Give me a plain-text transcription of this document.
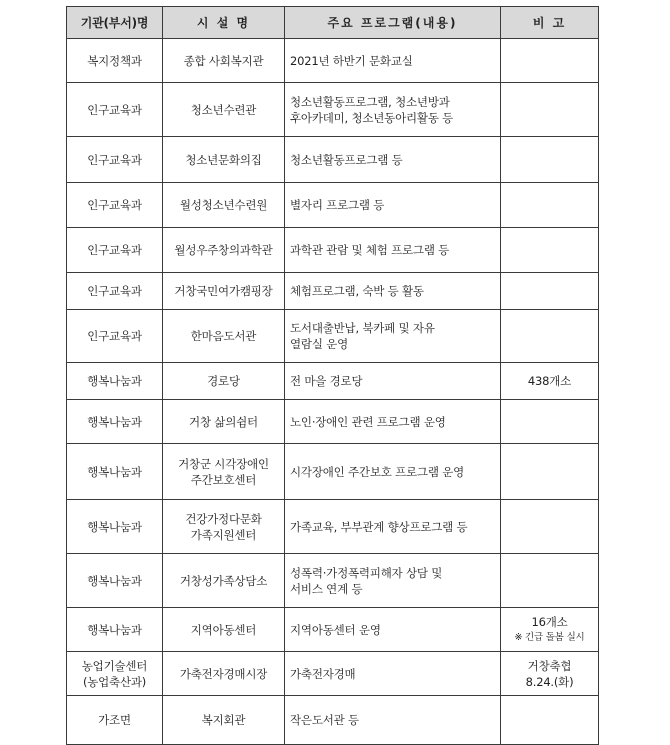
기관(부서)명	시 설 명	주요 프로그램(내용)	비 고

복지정책과	종합 사회복지관	2021년 하반기 문화교실	

인구교육과	청소년수련관	청소년활동프로그램, 청소년방과
후아카데미, 청소년동아리활동 등	

인구교육과	청소년문화의집	청소년활동프로그램 등	

인구교육과	월성청소년수련원	별자리 프로그램 등	

인구교육과	월성우주창의과학관	과학관 관람 및 체험 프로그램 등	

인구교육과	거창국민여가캠핑장	체험프로그램, 숙박 등 활동	

인구교육과	한마음도서관	도서대출반납, 북카페 및 자유
열람실 운영	

행복나눔과	경로당	전 마을 경로당	438개소

행복나눔과	거창 삶의쉼터	노인·장애인 관련 프로그램 운영	

행복나눔과	거창군 시각장애인
주간보호센터	시각장애인 주간보호 프로그램 운영	

행복나눔과	건강가정다문화
가족지원센터	가족교육, 부부관계 향상프로그램 등	

행복나눔과	거창성가족상담소	성폭력·가정폭력피해자 상담 및
서비스 연계 등	

행복나눔과	지역아동센터	지역아동센터 운영	16개소
※ 긴급 돌봄 실시

농업기술센터
(농업축산과)	가축전자경매시장	가축전자경매	거창축협
8.24.(화)

가조면	복지회관	작은도서관 등	
